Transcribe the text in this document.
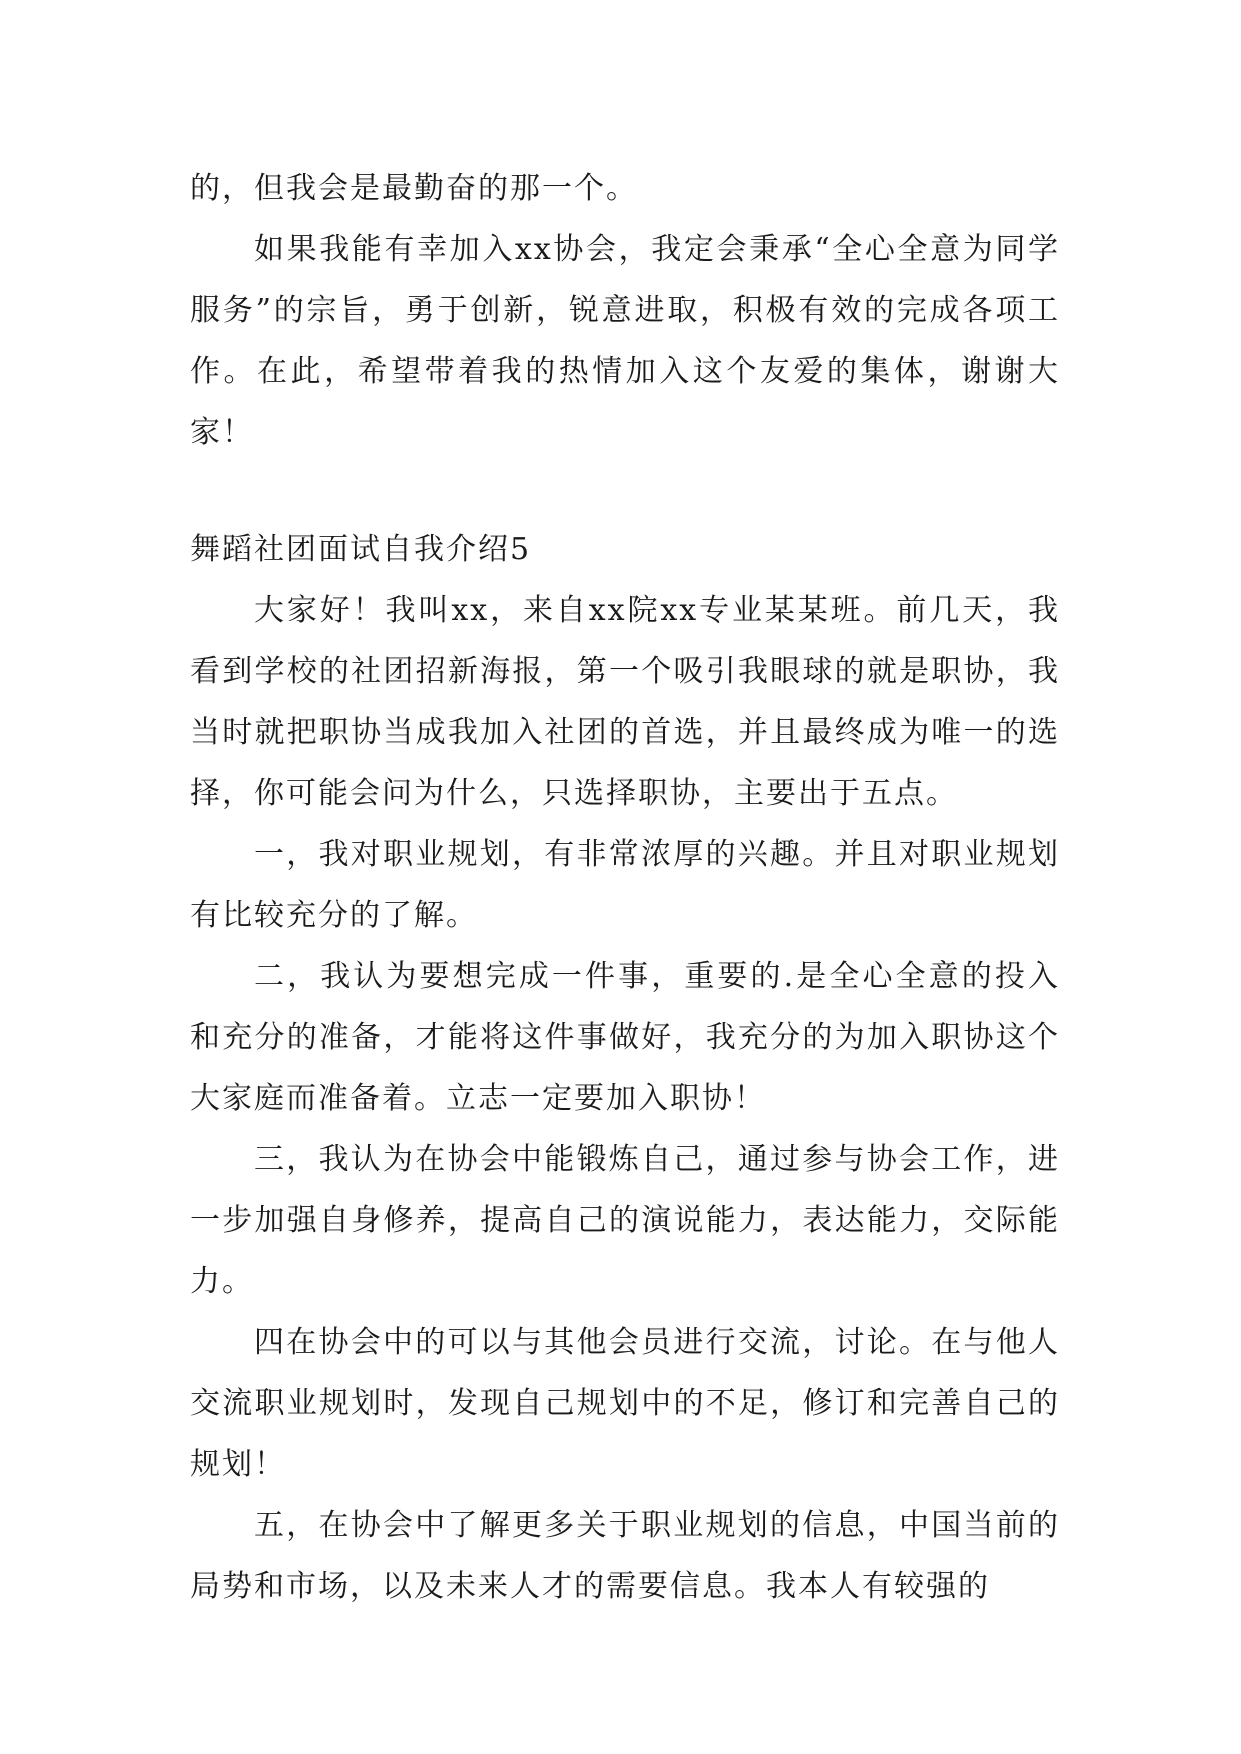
的，但我会是最勤奋的那一个。

如果我能有幸加入xx协会，我定会秉承“全心全意为同学服务”的宗旨，勇于创新，锐意进取，积极有效的完成各项工作。在此，希望带着我的热情加入这个友爱的集体，谢谢大家！

舞蹈社团面试自我介绍5

大家好！我叫xx，来自xx院xx专业某某班。前几天，我看到学校的社团招新海报，第一个吸引我眼球的就是职协，我当时就把职协当成我加入社团的首选，并且最终成为唯一的选择，你可能会问为什么，只选择职协，主要出于五点。

一，我对职业规划，有非常浓厚的兴趣。并且对职业规划有比较充分的了解。

二，我认为要想完成一件事，重要的.是全心全意的投入和充分的准备，才能将这件事做好，我充分的为加入职协这个大家庭而准备着。立志一定要加入职协！

三，我认为在协会中能锻炼自己，通过参与协会工作，进一步加强自身修养，提高自己的演说能力，表达能力，交际能力。

四在协会中的可以与其他会员进行交流，讨论。在与他人交流职业规划时，发现自己规划中的不足，修订和完善自己的规划！

五，在协会中了解更多关于职业规划的信息，中国当前的局势和市场，以及未来人才的需要信息。我本人有较强的
